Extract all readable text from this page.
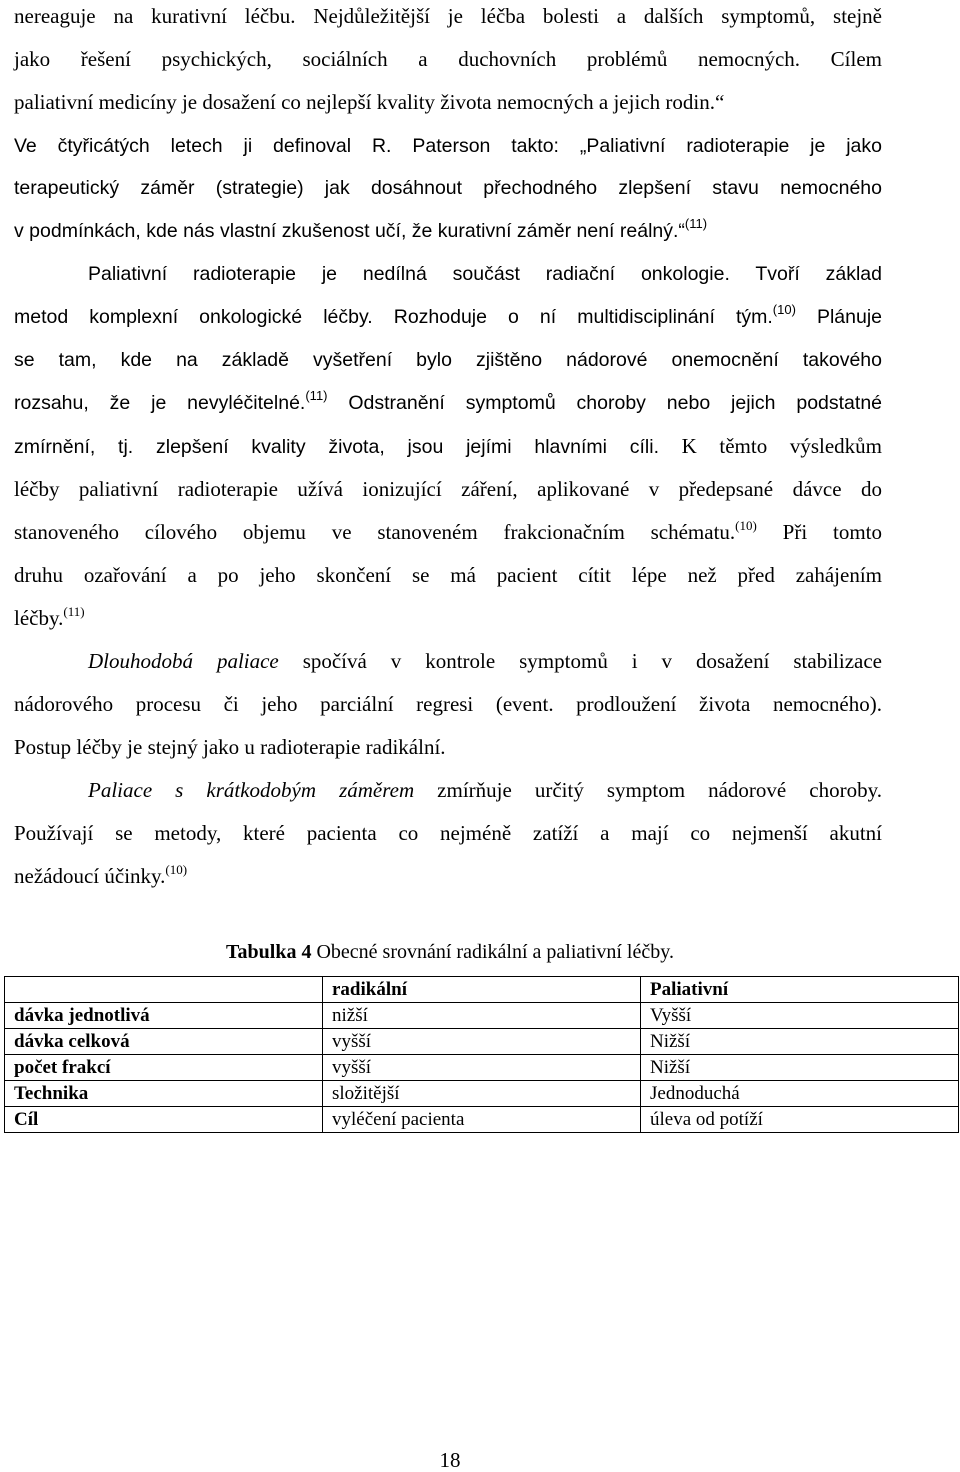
nereaguje na kurativní léčbu. Nejdůležitější je léčba bolesti a dalších symptomů, stejně
jako řešení psychických, sociálních a duchovních problémů nemocných. Cílem
paliativní medicíny je dosažení co nejlepší kvality života nemocných a jejich rodin.“
Ve čtyřicátých letech ji definoval R. Paterson takto: „Paliativní radioterapie je jako
terapeutický záměr (strategie) jak dosáhnout přechodného zlepšení stavu nemocného
v podmínkách, kde nás vlastní zkušenost učí, že kurativní záměr není reálný.“$^{(11)}$
Paliativní radioterapie je nedílná součást radiační onkologie. Tvoří základ
metod komplexní onkologické léčby. Rozhoduje o ní multidisciplinání tým.$^{(10)}$ Plánuje
se tam, kde na základě vyšetření bylo zjištěno nádorové onemocnění takového
rozsahu, že je nevyléčitelné.$^{(11)}$ Odstranění symptomů choroby nebo jejich podstatné
zmírnění, tj. zlepšení kvality života, jsou jejími hlavními cíli. K těmto výsledkům
léčby paliativní radioterapie užívá ionizující záření, aplikované v předepsané dávce do
stanoveného cílového objemu ve stanoveném frakcionačním schématu.$^{(10)}$ Při tomto
druhu ozařování a po jeho skončení se má pacient cítit lépe než před zahájením
léčby.$^{(11)}$
Dlouhodobá paliace spočívá v kontrole symptomů i v dosažení stabilizace
nádorového procesu či jeho parciální regresi (event. prodloužení života nemocného).
Postup léčby je stejný jako u radioterapie radikální.
Paliace s krátkodobým záměrem zmírňuje určitý symptom nádorové choroby.
Používají se metody, které pacienta co nejméně zatíží a mají co nejmenší akutní
nežádoucí účinky.$^{(10)}$
Tabulka 4 Obecné srovnání radikální a paliativní léčby.
	radikální	Paliativní
dávka jednotlivá	nižší	Vyšší
dávka celková	vyšší	Nižší
počet frakcí	vyšší	Nižší
Technika	složitější	Jednoduchá
Cíl	vyléčení pacienta	úleva od potíží
18
